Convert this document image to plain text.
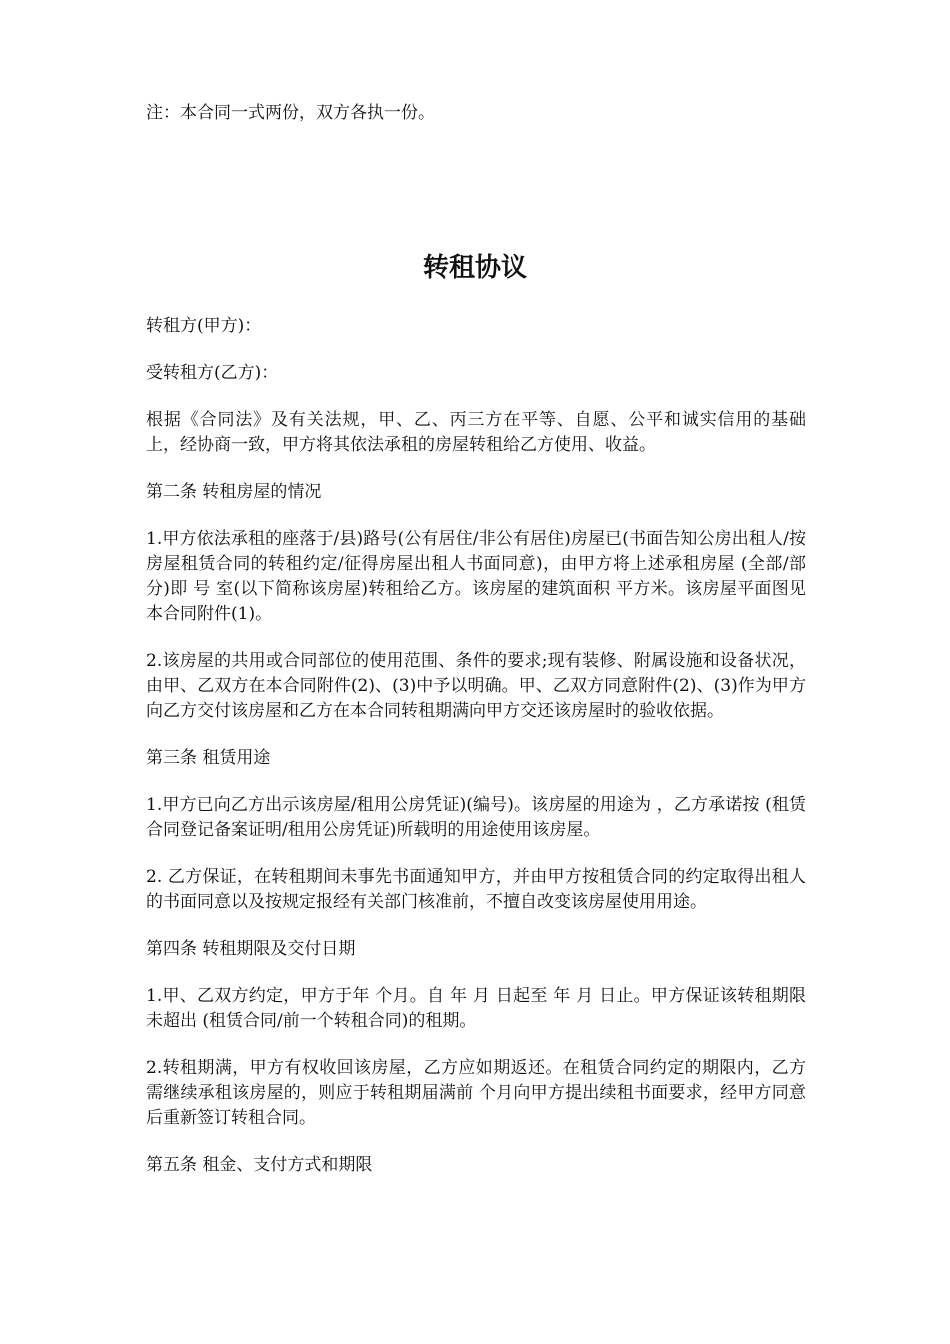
注：本合同一式两份，双方各执一份。

转租协议

转租方(甲方)：

受转租方(乙方)：

根据《合同法》及有关法规，甲、乙、丙三方在平等、自愿、公平和诚实信用的基础上，经协商一致，甲方将其依法承租的房屋转租给乙方使用、收益。

第二条 转租房屋的情况

1.甲方依法承租的座落于/县)路号(公有居住/非公有居住)房屋已(书面告知公房出租人/按房屋租赁合同的转租约定/征得房屋出租人书面同意)，由甲方将上述承租房屋 (全部/部分)即 号 室(以下简称该房屋)转租给乙方。该房屋的建筑面积 平方米。该房屋平面图见本合同附件(1)。

2.该房屋的共用或合同部位的使用范围、条件的要求;现有装修、附属设施和设备状况，由甲、乙双方在本合同附件(2)、(3)中予以明确。甲、乙双方同意附件(2)、(3)作为甲方向乙方交付该房屋和乙方在本合同转租期满向甲方交还该房屋时的验收依据。

第三条 租赁用途

1.甲方已向乙方出示该房屋/租用公房凭证)(编号)。该房屋的用途为 ，乙方承诺按 (租赁合同登记备案证明/租用公房凭证)所载明的用途使用该房屋。

2. 乙方保证，在转租期间未事先书面通知甲方，并由甲方按租赁合同的约定取得出租人的书面同意以及按规定报经有关部门核准前，不擅自改变该房屋使用用途。

第四条 转租期限及交付日期

1.甲、乙双方约定，甲方于年 个月。自 年 月 日起至 年 月 日止。甲方保证该转租期限未超出 (租赁合同/前一个转租合同)的租期。

2.转租期满，甲方有权收回该房屋，乙方应如期返还。在租赁合同约定的期限内，乙方需继续承租该房屋的，则应于转租期届满前 个月向甲方提出续租书面要求，经甲方同意后重新签订转租合同。

第五条 租金、支付方式和期限
